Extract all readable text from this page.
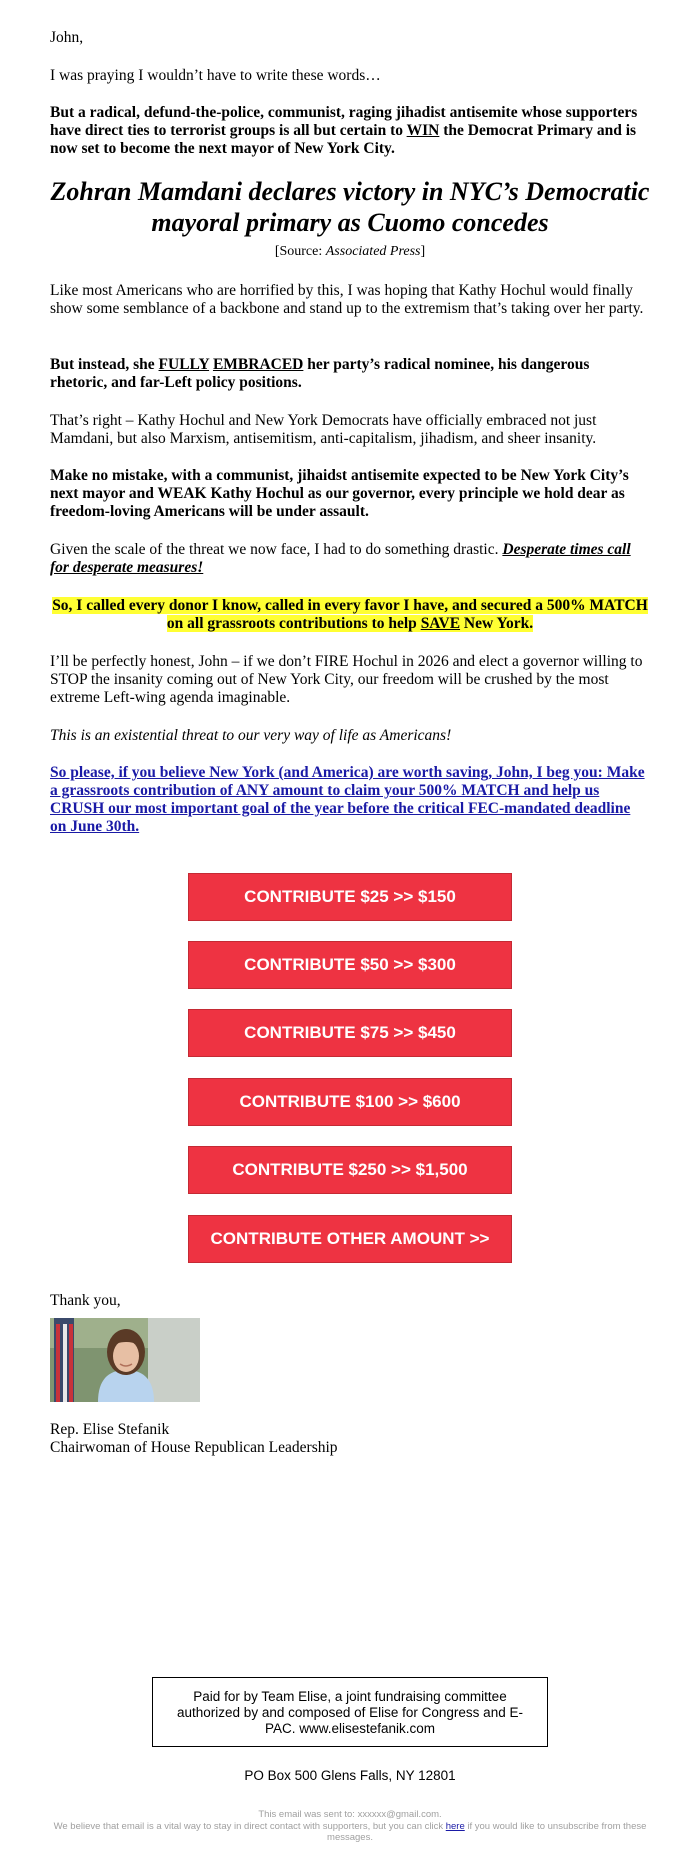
John,

I was praying I wouldn’t have to write these words…

But a radical, defund-the-police, communist, raging jihadist antisemite whose supporters have direct ties to terrorist groups is all but certain to WIN the Democrat Primary and is now set to become the next mayor of New York City.

Zohran Mamdani declares victory in NYC’s Democratic mayoral primary as Cuomo concedes
[Source: Associated Press]

Like most Americans who are horrified by this, I was hoping that Kathy Hochul would finally show some semblance of a backbone and stand up to the extremism that’s taking over her party.

But instead, she FULLY EMBRACED her party’s radical nominee, his dangerous rhetoric, and far-Left policy positions.

That’s right – Kathy Hochul and New York Democrats have officially embraced not just Mamdani, but also Marxism, antisemitism, anti-capitalism, jihadism, and sheer insanity.

Make no mistake, with a communist, jihaidst antisemite expected to be New York City’s next mayor and WEAK Kathy Hochul as our governor, every principle we hold dear as freedom-loving Americans will be under assault.

Given the scale of the threat we now face, I had to do something drastic. Desperate times call for desperate measures!

So, I called every donor I know, called in every favor I have, and secured a 500% MATCH on all grassroots contributions to help SAVE New York.

I’ll be perfectly honest, John – if we don’t FIRE Hochul in 2026 and elect a governor willing to STOP the insanity coming out of New York City, our freedom will be crushed by the most extreme Left-wing agenda imaginable.

This is an existential threat to our very way of life as Americans!

So please, if you believe New York (and America) are worth saving, John, I beg you: Make a grassroots contribution of ANY amount to claim your 500% MATCH and help us CRUSH our most important goal of the year before the critical FEC-mandated deadline on June 30th.

CONTRIBUTE $25 >> $150
CONTRIBUTE $50 >> $300
CONTRIBUTE $75 >> $450
CONTRIBUTE $100 >> $600
CONTRIBUTE $250 >> $1,500
CONTRIBUTE OTHER AMOUNT >>

Thank you,

Rep. Elise Stefanik

Chairwoman of House Republican Leadership

Paid for by Team Elise, a joint fundraising committee authorized by and composed of Elise for Congress and E-PAC. www.elisestefanik.com
PO Box 500 Glens Falls, NY 12801
This email was sent to: xxxxxx@gmail.com.
We believe that email is a vital way to stay in direct contact with supporters, but you can click here if you would like to unsubscribe from these messages.
